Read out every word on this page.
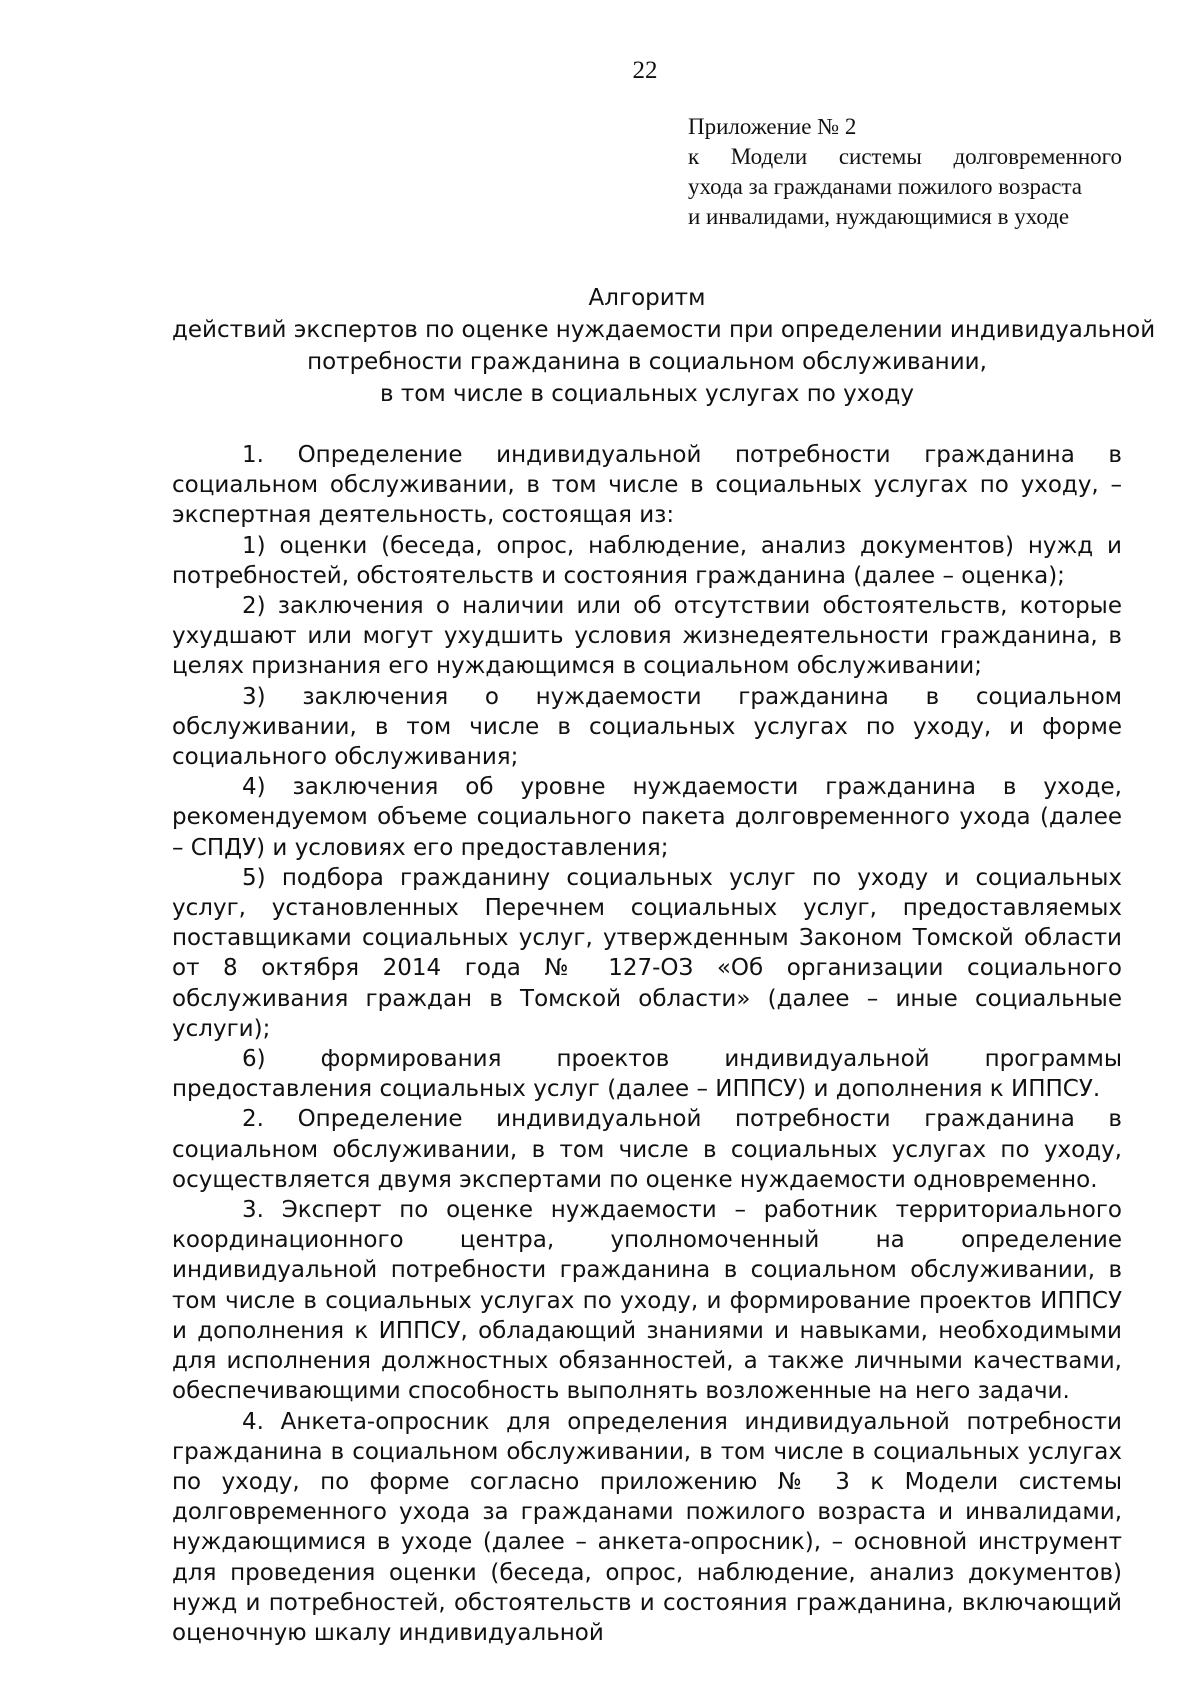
22
Приложение № 2
к Модели системы долговременного
ухода за гражданами пожилого возраста
и инвалидами, нуждающимися в уходе
Алгоритм
действий экспертов по оценке нуждаемости при определении индивидуальной
потребности гражданина в социальном обслуживании,
в том числе в социальных услугах по уходу

1. Определение индивидуальной потребности гражданина в социальном обслуживании, в том числе в социальных услугах по уходу, – экспертная деятельность, состоящая из:

1) оценки (беседа, опрос, наблюдение, анализ документов) нужд и потребностей, обстоятельств и состояния гражданина (далее – оценка);

2) заключения о наличии или об отсутствии обстоятельств, которые ухудшают или могут ухудшить условия жизнедеятельности гражданина, в целях признания его нуждающимся в социальном обслуживании;

3) заключения о нуждаемости гражданина в социальном обслуживании, в том числе в социальных услугах по уходу, и форме социального обслуживания;

4) заключения об уровне нуждаемости гражданина в уходе, рекомендуемом объеме социального пакета долговременного ухода (далее – СПДУ) и условиях его предоставления;

5) подбора гражданину социальных услуг по уходу и социальных услуг, установленных Перечнем социальных услуг, предоставляемых поставщиками социальных услуг, утвержденным Законом Томской области от 8 октября 2014 года № 127-ОЗ «Об организации социального обслуживания граждан в Томской области» (далее – иные социальные услуги);

6) формирования проектов индивидуальной программы предоставления социальных услуг (далее – ИППСУ) и дополнения к ИППСУ.

2. Определение индивидуальной потребности гражданина в социальном обслуживании, в том числе в социальных услугах по уходу, осуществляется двумя экспертами по оценке нуждаемости одновременно.

3. Эксперт по оценке нуждаемости – работник территориального координационного центра, уполномоченный на определение индивидуальной потребности гражданина в социальном обслуживании, в том числе в социальных услугах по уходу, и формирование проектов ИППСУ и дополнения к ИППСУ, обладающий знаниями и навыками, необходимыми для исполнения должностных обязанностей, а также личными качествами, обеспечивающими способность выполнять возложенные на него задачи.

4. Анкета-опросник для определения индивидуальной потребности гражданина в социальном обслуживании, в том числе в социальных услугах по уходу, по форме согласно приложению № 3 к Модели системы долговременного ухода за гражданами пожилого возраста и инвалидами, нуждающимися в уходе (далее – анкета-опросник), – основной инструмент для проведения оценки (беседа, опрос, наблюдение, анализ документов) нужд и потребностей, обстоятельств и состояния гражданина, включающий оценочную шкалу индивидуальной
